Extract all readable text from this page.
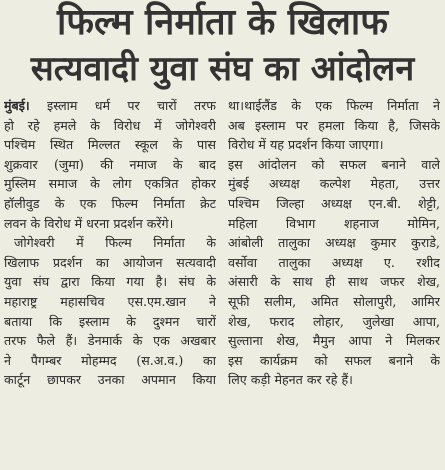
फिल्म निर्माता के खिलाफ
सत्यवादी युवा संघ का आंदोलन
मुंबई। इस्लाम धर्म पर चारों तरफ
हो रहे हमले के विरोध में जोगेश्वरी
पश्चिम स्थित मिल्लत स्कूल के पास
शुक्रवार (जुमा) की नमाज के बाद
मुस्लिम समाज के लोग एकत्रित होकर
हॉलीवुड के एक फिल्म निर्माता क्रेट
लवन के विरोध में धरना प्रदर्शन करेंगे।
जोगेश्वरी में फिल्म निर्माता के
खिलाफ प्रदर्शन का आयोजन सत्यवादी
युवा संघ द्वारा किया गया है। संघ के
महाराष्ट्र महासचिव एस.एम.खान ने
बताया कि इस्लाम के दुश्मन चारों
तरफ फैले हैं। डेनमार्क के एक अखबार
ने पैगम्बर मोहम्मद (स.अ.व.) का
कार्टून छापकर उनका अपमान किया
था।थाईलैंड के एक फिल्म निर्माता ने
अब इस्लाम पर हमला किया है, जिसके
विरोध में यह प्रदर्शन किया जाएगा।
इस आंदोलन को सफल बनाने वाले
मुंबई अध्यक्ष कल्पेश मेहता, उत्तर
पश्चिम जिल्हा अध्यक्ष एन.बी. शेट्टी,
महिला विभाग शहनाज मोमिन,
आंबोली तालुका अध्यक्ष कुमार कुराडे,
वर्सोवा तालुका अध्यक्ष ए. रशीद
अंसारी के साथ ही साथ जफर शेख,
सूफी सलीम, अमित सोलापुरी, आमिर
शेख, फराद लोहार, जुलेखा आपा,
सुल्ताना शेख, मैमुन आपा ने मिलकर
इस कार्यक्रम को सफल बनाने के
लिए कड़ी मेहनत कर रहे हैं।
